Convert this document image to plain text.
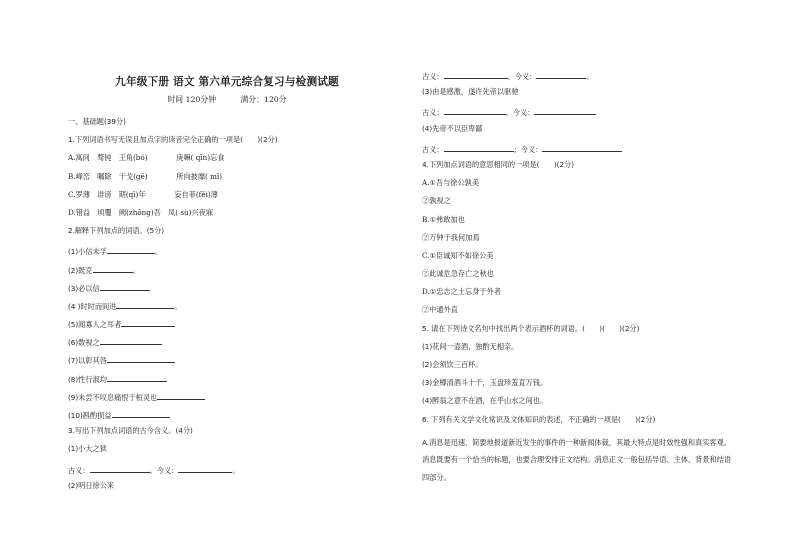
九年级下册 语文 第六单元综合复习与检测试题
时间 120分钟	满分：120分
一、基础题(39分)
1.下列词语书写无误且加点字的读音完全正确的一项是(　　)(2分)
A.寓间　骛钝　王角(bó)　　　　庚嘛( qīn)忘食
B.峰峦　嘱除　干戈(gē)　　　　所向披靡( mǐ)
C.罗薄　诽谤　期(qī)年　　　　妄自菲(fěi)薄
D.错益　顷覆　阙(zhōng)吾　凤( sù)兴夜寐
2.解释下列加点的词语。(5分)
(1)小信未孚	。
(2)既克	。
(3)必以信
(4 )时时而间进	。
(5)闻寡人之耳者
(6)数视之
(7)以彰其咎
(8)性行淑均
(9)未尝不叹息痛恨于桓灵也
(10)斟酌损益
3.写出下列加点词语的古今含义。(4分)
(1)小大之狱
古义：	。今义：	。
(2)明日徐公来
古义：	。今义：	。
(3)由是感激，遂许先帝以驱驰
古义：	。今义：
(4)先帝不以臣卑鄙
古义：	；今义：
4.下列加点词语的意思相同的一项是(　　)(2分)
A.①吾与徐公孰美
②孰视之
B.①弗敢加也
②万钟于我何加焉
C.①臣诚知不如徐公美
②此诚危急存亡之秋也
D.①忠志之士忘身于外者
②中通外直
5. 请在下列诗文名句中找出两个表示酒杯的词语。(　　)(　　)(2分)
(1)花间一壶酒，独酌无相亲。
(2)会须饮三百杯。
(3)金樽清酒斗十千，玉盘珍羞直万钱。
(4)醉翁之意不在酒，在乎山水之间也。
6. 下列有关文学文化常识及文体知识的表述，不正确的一项是(　　)(2分)
A.消息是迅速、简要地报道新近发生的事件的一种新闻体裁，其最大特点是时效性强和真实客观。消息既要有一个恰当的标题，也要合理安排正文结构。消息正文一般包括导语、主体、背景和结语四部分。
